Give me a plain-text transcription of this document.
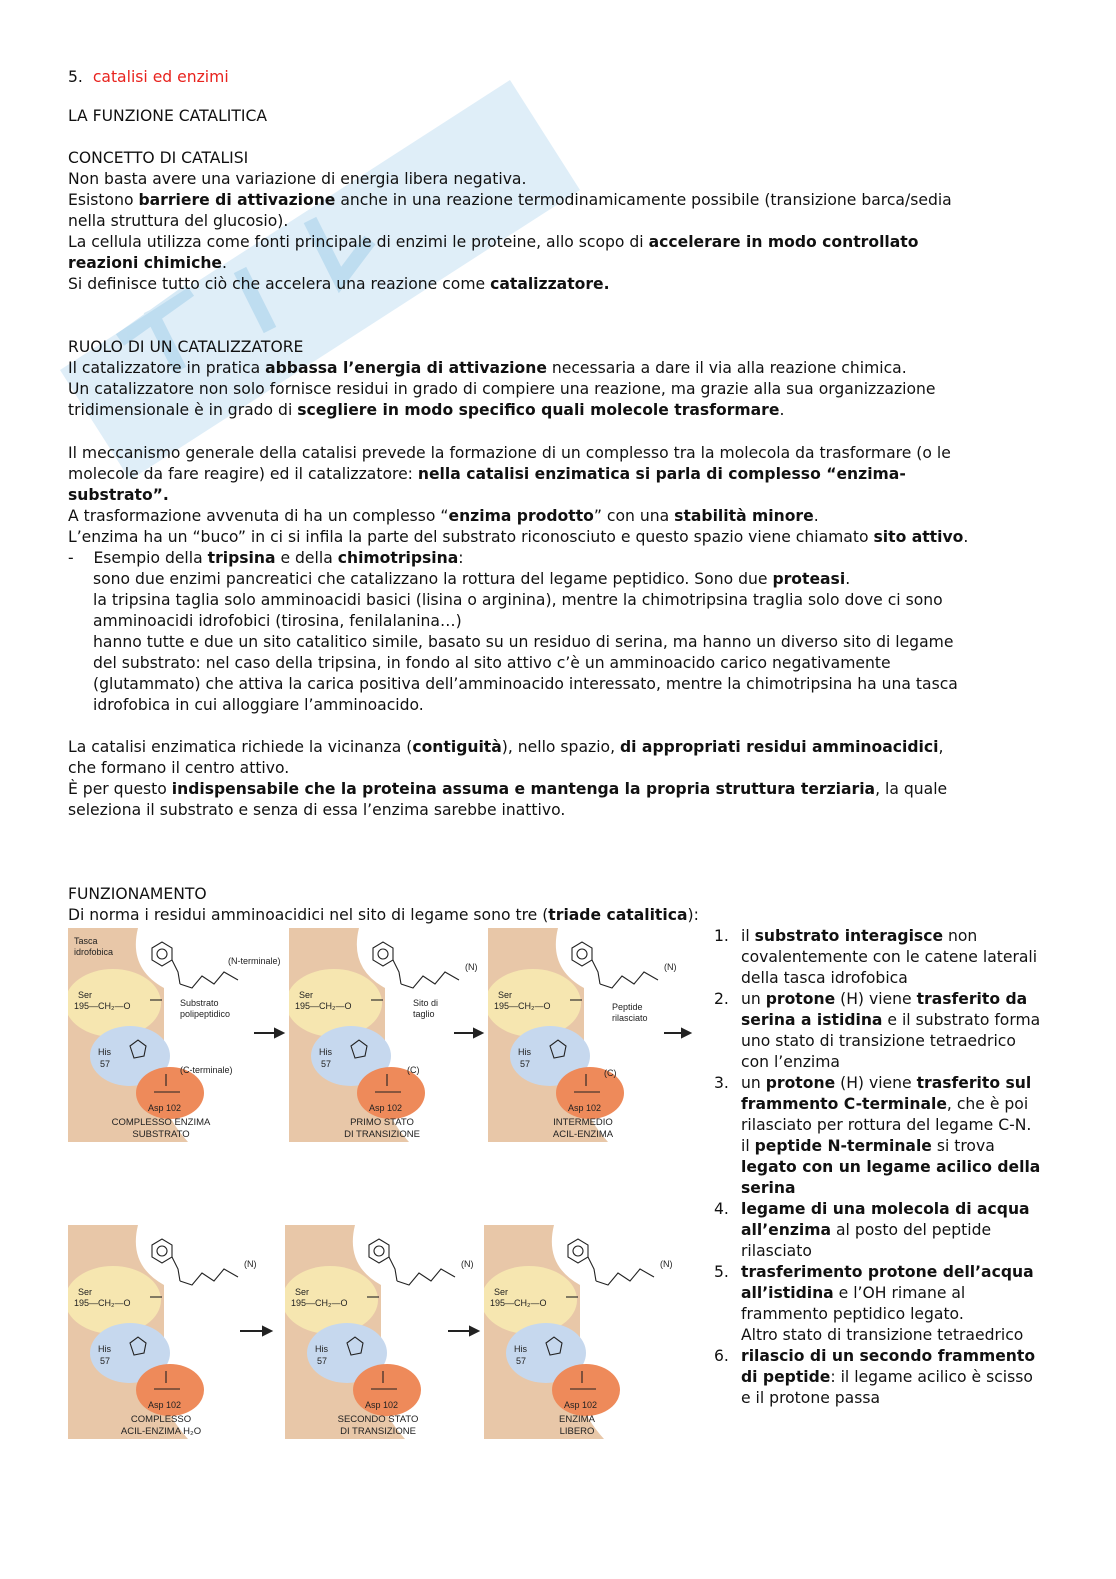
5. catalisi ed enzimi
LA FUNZIONE CATALITICA
CONCETTO DI CATALISI
Non basta avere una variazione di energia libera negativa.
Esistono barriere di attivazione anche in una reazione termodinamicamente possibile (transizione barca/sedia
nella struttura del glucosio).
La cellula utilizza come fonti principale di enzimi le proteine, allo scopo di accelerare in modo controllato
reazioni chimiche.
Si definisce tutto ciò che accelera una reazione come catalizzatore.
RUOLO DI UN CATALIZZATORE
Il catalizzatore in pratica abbassa l’energia di attivazione necessaria a dare il via alla reazione chimica.
Un catalizzatore non solo fornisce residui in grado di compiere una reazione, ma grazie alla sua organizzazione
tridimensionale è in grado di scegliere in modo specifico quali molecole trasformare.
Il meccanismo generale della catalisi prevede la formazione di un complesso tra la molecola da trasformare (o le
molecole da fare reagire) ed il catalizzatore: nella catalisi enzimatica si parla di complesso “enzima-
substrato”.
A trasformazione avvenuta di ha un complesso “enzima prodotto” con una stabilità minore.
L’enzima ha un “buco” in ci si infila la parte del substrato riconosciuto e questo spazio viene chiamato sito attivo.
-    Esempio della tripsina e della chimotripsina:
sono due enzimi pancreatici che catalizzano la rottura del legame peptidico. Sono due proteasi.
la tripsina taglia solo amminoacidi basici (lisina o arginina), mentre la chimotripsina traglia solo dove ci sono
amminoacidi idrofobici (tirosina, fenilalanina…)
hanno tutte e due un sito catalitico simile, basato su un residuo di serina, ma hanno un diverso sito di legame
del substrato: nel caso della tripsina, in fondo al sito attivo c’è un amminoacido carico negativamente
(glutammato) che attiva la carica positiva dell’amminoacido interessato, mentre la chimotripsina ha una tasca
idrofobica in cui alloggiare l’amminoacido.
La catalisi enzimatica richiede la vicinanza (contiguità), nello spazio, di appropriati residui amminoacidici,
che formano il centro attivo.
È per questo indispensabile che la proteina assuma e mantenga la propria struttura terziaria, la quale
seleziona il substrato e senza di essa l’enzima sarebbe inattivo.
FUNZIONAMENTO
Di norma i residui amminoacidici nel sito di legame sono tre (triade catalitica):
Ser
195—CH₂—O
His
57
Asp 102
Tasca
idrofobica
(N-terminale)
Substrato
polipeptidico
(C-terminale)
COMPLESSO ENZIMA
SUBSTRATO
Ser
195—CH₂—O
His
57
Asp 102
(N)
Sito di
taglio
(C)
PRIMO STATO
DI TRANSIZIONE
Ser
195—CH₂—O
His
57
Asp 102
(N)
Peptide
rilasciato
(C)
INTERMEDIO
ACIL-ENZIMA
Ser
195—CH₂—O
His
57
Asp 102
(N)
COMPLESSO
ACIL-ENZIMA H₂O
Ser
195—CH₂—O
His
57
Asp 102
(N)
SECONDO STATO
DI TRANSIZIONE
Ser
195—CH₂—O
His
57
Asp 102
(N)
ENZIMA
LIBERO
1. il substrato interagisce non covalentemente con le catene laterali della tasca idrofobica
2. un protone (H) viene trasferito da serina a istidina e il substrato forma uno stato di transizione tetraedrico con l’enzima
3. un protone (H) viene trasferito sul frammento C-terminale, che è poi rilasciato per rottura del legame C-N.
il peptide N-terminale si trova legato con un legame acilico della serina
4. legame di una molecola di acqua all’enzima al posto del peptide rilasciato
5. trasferimento protone dell’acqua all’istidina e l’OH rimane al frammento peptidico legato.
Altro stato di transizione tetraedrico
6. rilascio di un secondo frammento di peptide: il legame acilico è scisso e il protone passa
